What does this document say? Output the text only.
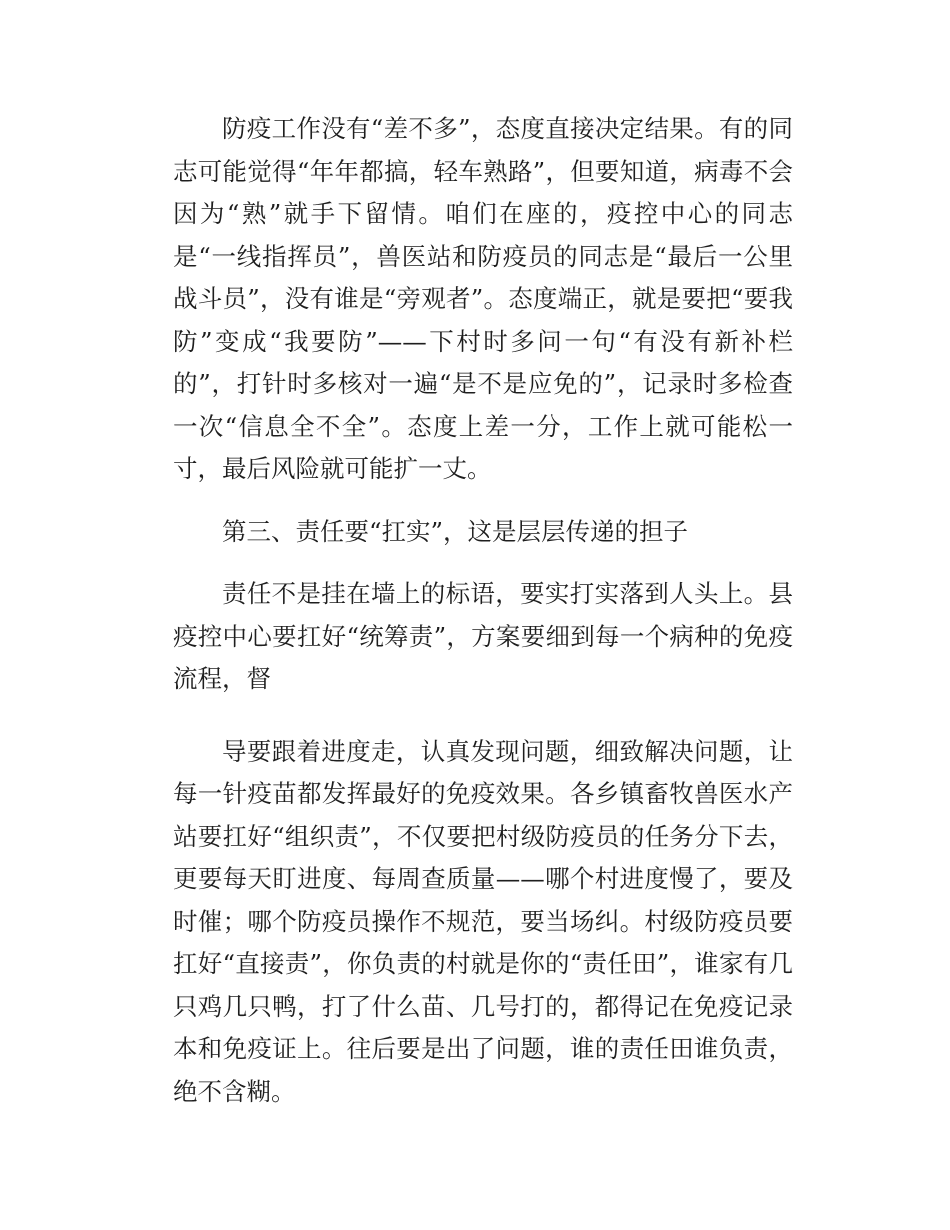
防疫工作没有“差不多”，态度直接决定结果。有的同志可能觉得“年年都搞，轻车熟路”，但要知道，病毒不会因为“熟”就手下留情。咱们在座的，疫控中心的同志是“一线指挥员”，兽医站和防疫员的同志是“最后一公里战斗员”，没有谁是“旁观者”。态度端正，就是要把“要我防”变成“我要防”——下村时多问一句“有没有新补栏的”，打针时多核对一遍“是不是应免的”，记录时多检查一次“信息全不全”。态度上差一分，工作上就可能松一寸，最后风险就可能扩一丈。

第三、责任要“扛实”，这是层层传递的担子

责任不是挂在墙上的标语，要实打实落到人头上。县疫控中心要扛好“统筹责”，方案要细到每一个病种的免疫流程，督

导要跟着进度走，认真发现问题，细致解决问题，让每一针疫苗都发挥最好的免疫效果。各乡镇畜牧兽医水产站要扛好“组织责”，不仅要把村级防疫员的任务分下去，更要每天盯进度、每周查质量——哪个村进度慢了，要及时催；哪个防疫员操作不规范，要当场纠。村级防疫员要扛好“直接责”，你负责的村就是你的“责任田”，谁家有几只鸡几只鸭，打了什么苗、几号打的，都得记在免疫记录本和免疫证上。往后要是出了问题，谁的责任田谁负责，绝不含糊。
